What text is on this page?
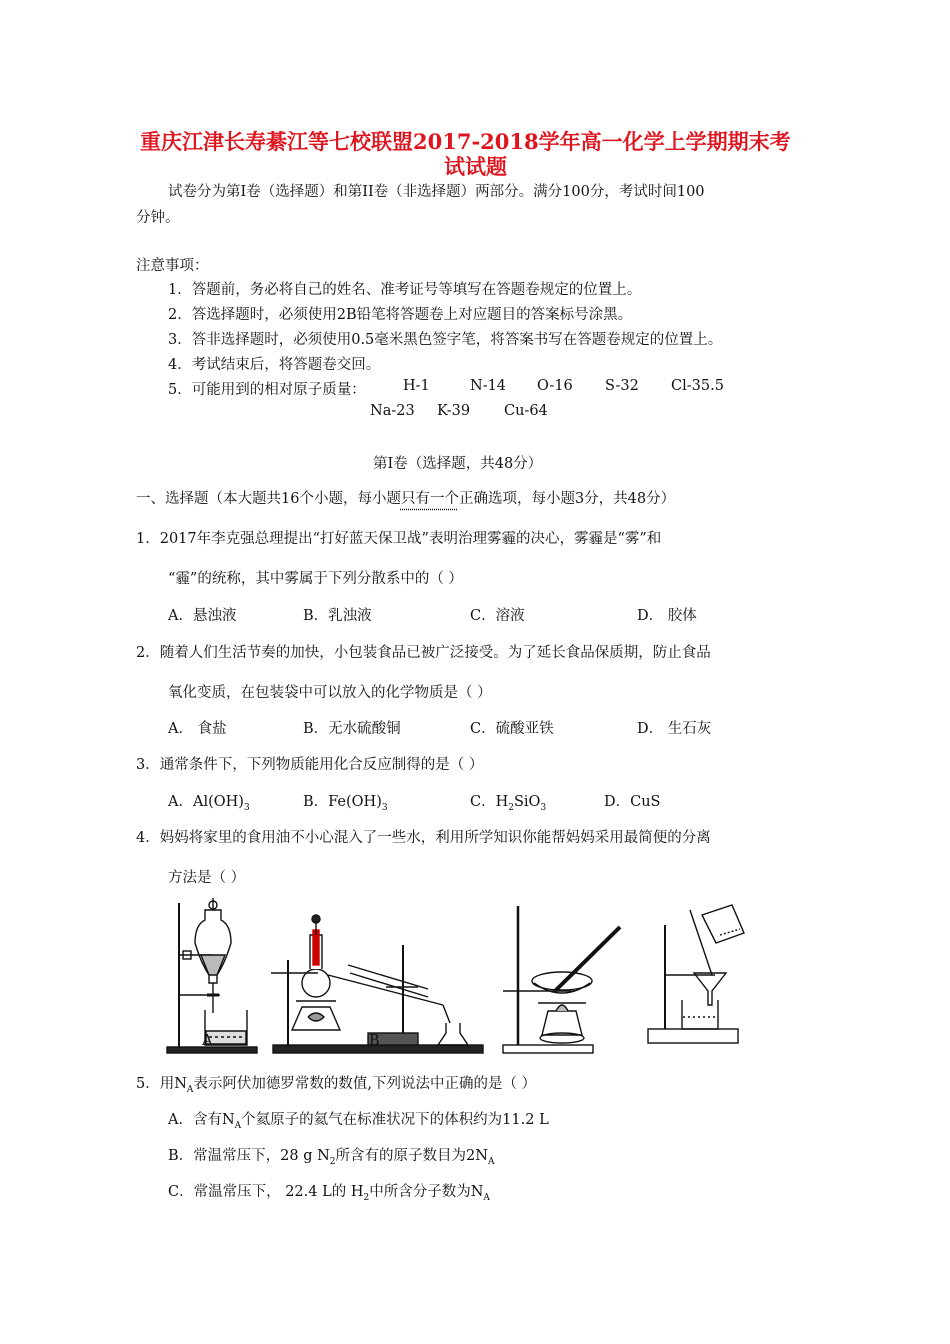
重庆江津长寿綦江等七校联盟2017-2018学年高一化学上学期期末考
试试题
试卷分为第Ⅰ卷（选择题）和第II卷（非选择题）两部分。满分100分，考试时间100
分钟。
注意事项：
1．答题前，务必将自己的姓名、准考证号等填写在答题卷规定的位置上。
2．答选择题时，必须使用2B铅笔将答题卷上对应题目的答案标号涂黑。
3．答非选择题时，必须使用0.5毫米黑色签字笔，将答案书写在答题卷规定的位置上。
4．考试结束后，将答题卷交回。
5．可能用到的相对原子质量：	H-1	N-14 O-16 S-32 Cl-35.5
Na-23 K-39 Cu-64
第Ⅰ卷（选择题，共48分）
一、选择题（本大题共16个小题，每小题只有一个正确选项，每小题3分，共48分）
1．2017年李克强总理提出“打好蓝天保卫战”表明治理雾霾的决心，雾霾是“雾”和
“霾”的统称，其中雾属于下列分散系中的（ ）
A．悬浊液	B．乳浊液	C．溶液	D． 胶体
2．随着人们生活节奏的加快，小包装食品已被广泛接受。为了延长食品保质期，防止食品
氧化变质，在包装袋中可以放入的化学物质是（ ）
A． 食盐	B．无水硫酸铜	C．硫酸亚铁	D． 生石灰
3．通常条件下，下列物质能用化合反应制得的是（ ）
A．$Al(OH)_3$	B．$Fe(OH)_3$	C．$H_2SiO_3$	D．CuS
4．妈妈将家里的食用油不小心混入了一些水，利用所学知识你能帮妈妈采用最简便的分离
方法是（ ）
A	B
5．用$N_A$表示阿伏加德罗常数的数值,下列说法中正确的是（ ）
A．含有$N_A$个氦原子的氦气在标准状况下的体积约为11.2 L
B．常温常压下，28 g $N_2$所含有的原子数目为$2N_A$
C．常温常压下， 22.4 L的 $H_2$中所含分子数为$N_A$
